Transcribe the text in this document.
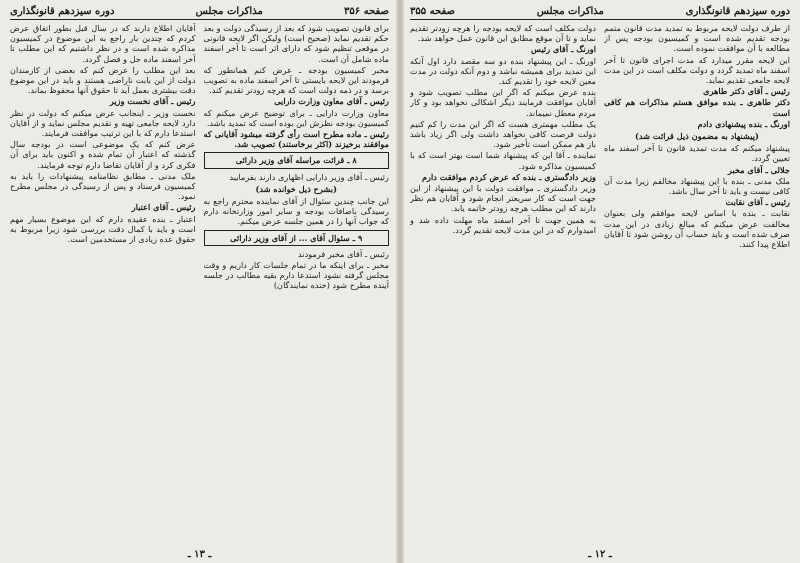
صفحه ۳۵۶
مذاکرات مجلس
دوره سیزدهم قانونگذاری

برای قانون تصویب شود که بعد از رسیدگی دولت و بعد حکم تقدیم نماید (صحیح است) ولیکن اگر لایحه قانونی در موقعی تنظیم شود که دارای اثر است تا آخر اسفند ماده شامل آن است.

مخبر کمیسیون بودجه ـ عرض کنم همانطور که فرمودند این لایحه بایستی تا آخر اسفند ماده به تصویب برسد و در ذمه دولت است که هرچه زودتر تقدیم کند.

رئیس ـ آقای معاون وزارت دارایی

معاون وزارت دارایی ـ برای توضیح عرض میکنم که کمیسیون بودجه نظرش این بوده است که تمدید باشد.

رئیس ـ ماده مطرح است رأی گرفته میشود آقایانی که موافقند برخیزند (اکثر برخاستند) تصویب شد.

۸ ـ قرائت مراسله آقای وزیر دارائی

رئیس ـ آقای وزیر دارایی اظهاری دارند بفرمایید

(بشرح ذیل خوانده شد)

این جانب چندین سئوال از آقای نماینده محترم راجع به رسیدگی باضافات بودجه و سایر امور وزارتخانه دارم که جواب آنها را در همین جلسه عرض میکنم.

۹ ـ سئوال آقای ... از آقای وزیر دارائی

رئیس ـ آقای مخبر فرمودند

مخبر ـ برای اینکه ما در تمام جلسات کار داریم و وقت مجلس گرفته نشود استدعا دارم بقیه مطالب در جلسه آینده مطرح شود (خنده نمایندگان)

آقایان اطلاع دارند که در سال قبل بطور اتفاق عرض کردم که چندین بار راجع به این موضوع در کمیسیون مذاکره شده است و در نظر داشتیم که این مطلب تا آخر اسفند ماده حل و فصل گردد.

بعد این مطلب را عرض کنم که بعضی از کارمندان دولت از این بابت ناراضی هستند و باید در این موضوع دقت بیشتری بعمل آید تا حقوق آنها محفوظ بماند.

رئیس ـ آقای نخست وزیر

نخست وزیر ـ اینجانب عرض میکنم که دولت در نظر دارد لایحه جامعی تهیه و تقدیم مجلس نماید و از آقایان استدعا دارم که با این ترتیب موافقت فرمایند.

عرض کنم که یک موضوعی است در بودجه سال گذشته که اعتبار آن تمام شده و اکنون باید برای آن فکری کرد و از آقایان تقاضا دارم توجه فرمایند.

ملک مدنی ـ مطابق نظامنامه پیشنهادات را باید به کمیسیون فرستاد و پس از رسیدگی در مجلس مطرح نمود.

رئیس ـ آقای اعتبار

اعتبار ـ بنده عقیده دارم که این موضوع بسیار مهم است و باید با کمال دقت بررسی شود زیرا مربوط به حقوق عده زیادی از مستخدمین است.

ـ ۱۳ ـ
دوره سیزدهم قانونگذاری
مذاکرات مجلس
صفحه ۳۵۵

از طرف دولت لایحه مربوط به تمدید مدت قانون متمم بودجه تقدیم شده است و کمیسیون بودجه پس از مطالعه با آن موافقت نموده است.

این لایحه مقرر میدارد که مدت اجرای قانون تا آخر اسفند ماه تمدید گردد و دولت مکلف است در این مدت لایحه جامعی تقدیم نماید.

رئیس ـ آقای دکتر طاهری

دکتر طاهری ـ بنده موافق هستم مذاکرات هم کافی است

اورنگ ـ بنده پیشنهادی دادم

(پیشنهاد به مضمون ذیل قرائت شد)

پیشنهاد میکنم که مدت تمدید قانون تا آخر اسفند ماه تعیین گردد.

جلالی ـ آقای مخبر

ملک مدنی ـ بنده با این پیشنهاد مخالفم زیرا مدت آن کافی نیست و باید تا آخر سال باشد.

رئیس ـ آقای نقابت

نقابت ـ بنده با اساس لایحه موافقم ولی بعنوان مخالفت عرض میکنم که مبالغ زیادی در این مدت صرف شده است و باید حساب آن روشن شود تا آقایان اطلاع پیدا کنند.

دولت مکلف است که لایحه بودجه را هرچه زودتر تقدیم نماید و تا آن موقع مطابق این قانون عمل خواهد شد.

اورنگ ـ آقای رئیس

اورنگ ـ این پیشنهاد بنده دو سه مقصد دارد اول آنکه این تمدید برای همیشه نباشد و دوم آنکه دولت در مدت معین لایحه خود را تقدیم کند.

بنده عرض میکنم که اگر این مطلب تصویب شود و آقایان موافقت فرمایند دیگر اشکالی نخواهد بود و کار مردم معطل نمیماند.

یک مطلب مهمتری هست که اگر این مدت را کم کنیم دولت فرصت کافی نخواهد داشت ولی اگر زیاد باشد باز هم ممکن است تأخیر شود.

نماینده ـ آقا این که پیشنهاد شما است بهتر است که با کمیسیون مذاکره شود.

وزیر دادگستری ـ بنده که عرض کردم موافقت دارم

وزیر دادگستری ـ موافقت دولت با این پیشنهاد از این جهت است که کار سریعتر انجام شود و آقایان هم نظر دارند که این مطلب هرچه زودتر خاتمه یابد.

به همین جهت تا آخر اسفند ماه مهلت داده شد و امیدوارم که در این مدت لایحه تقدیم گردد.

ـ ۱۲ ـ
